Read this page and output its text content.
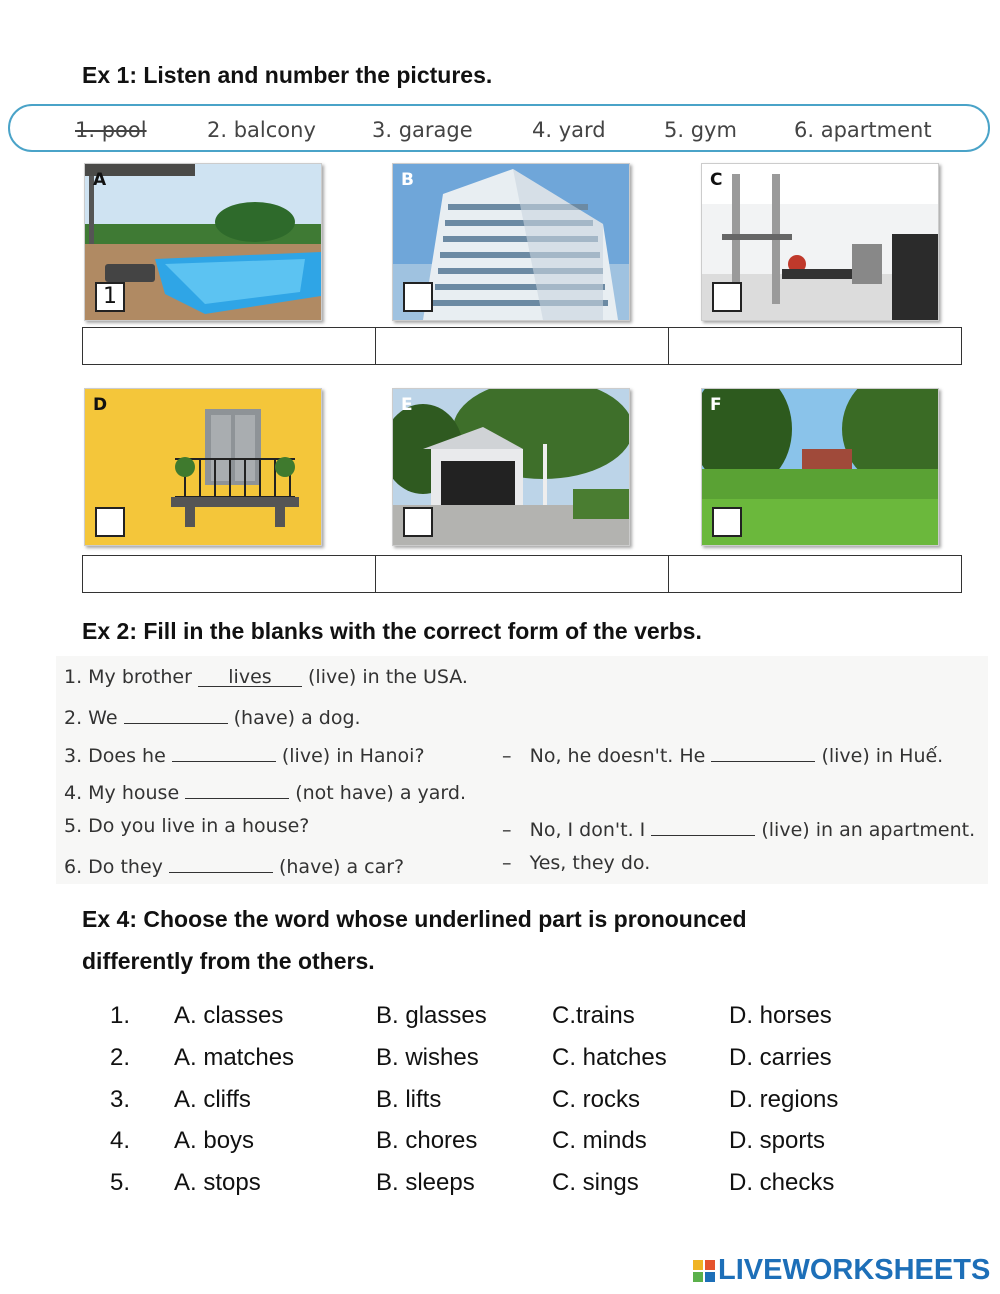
Ex 1: Listen and number the pictures.
1. pool	2. balcony	3. garage	4. yard	5. gym	6. apartment
A
1
B	C
D	E	F
Ex 2: Fill in the blanks with the correct form of the verbs.
1. My brother lives (live) in the USA.
2. We	(have) a dog.
3. Does he	(live) in Hanoi?	– No, he doesn't. He	(live) in Huế.
4. My house	(not have) a yard.
5. Do you live in a house?	– No, I don't. I	(live) in an apartment.
6. Do they	(have) a car?	– Yes, they do.
Ex 4: Choose the word whose underlined part is pronounced
differently from the others.
1. A. classes	B. glasses	C.trains	D. horses
2. A. matches	B. wishes	C. hatches	D. carries
3. A. cliffs	B. lifts	C. rocks	D. regions
4. A. boys	B. chores	C. minds	D. sports
5. A. stops	B. sleeps	C. sings	D. checks
LIVEWORKSHEETS
